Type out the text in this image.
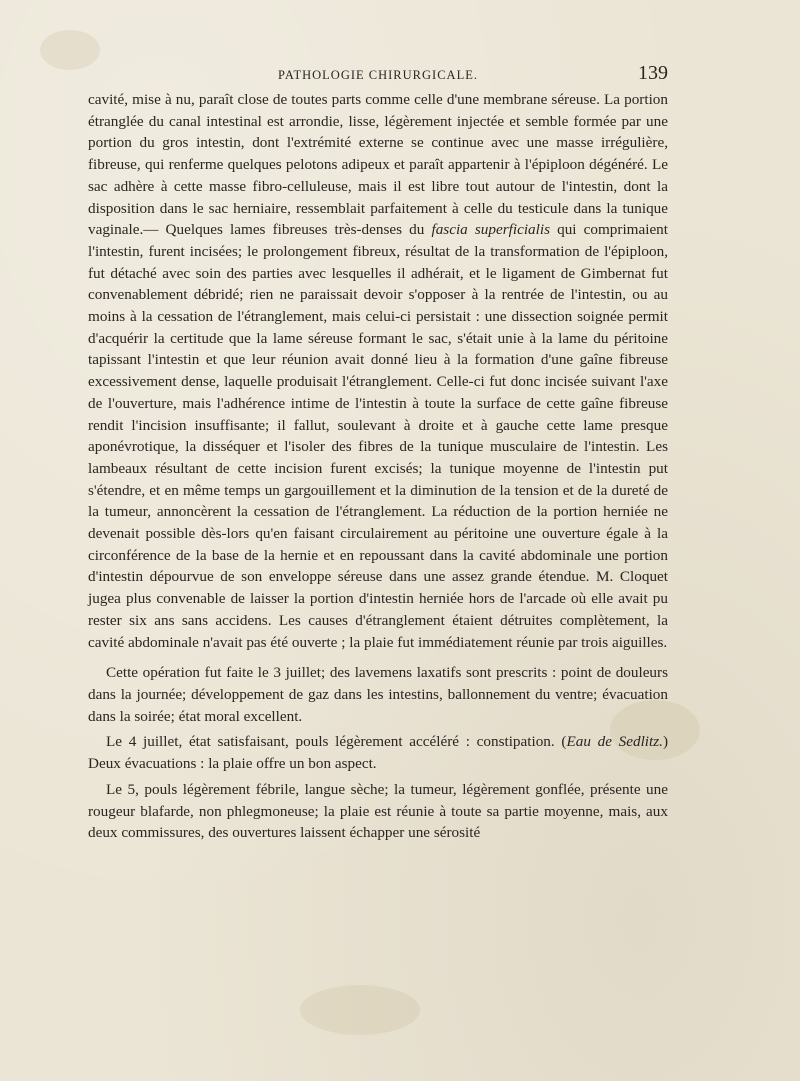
PATHOLOGIE CHIRURGICALE.	139

cavité, mise à nu, paraît close de toutes parts comme celle d'une membrane séreuse. La portion étranglée du canal intestinal est arrondie, lisse, légèrement injectée et semble formée par une portion du gros intestin, dont l'extrémité externe se continue avec une masse irrégulière, fibreuse, qui renferme quelques pelotons adipeux et paraît appartenir à l'épiploon dégénéré. Le sac adhère à cette masse fibro-celluleuse, mais il est libre tout autour de l'intestin, dont la disposition dans le sac herniaire, ressemblait parfaitement à celle du testicule dans la tunique vaginale.— Quelques lames fibreuses très-denses du fascia superficialis qui comprimaient l'intestin, furent incisées; le prolongement fibreux, résultat de la transformation de l'épiploon, fut détaché avec soin des parties avec lesquelles il adhérait, et le ligament de Gimbernat fut convenablement débridé; rien ne paraissait devoir s'opposer à la rentrée de l'intestin, ou au moins à la cessation de l'étranglement, mais celui-ci persistait : une dissection soignée permit d'acquérir la certitude que la lame séreuse formant le sac, s'était unie à la lame du péritoine tapissant l'intestin et que leur réunion avait donné lieu à la formation d'une gaîne fibreuse excessivement dense, laquelle produisait l'étranglement. Celle-ci fut donc incisée suivant l'axe de l'ouverture, mais l'adhérence intime de l'intestin à toute la surface de cette gaîne fibreuse rendit l'incision insuffisante; il fallut, soulevant à droite et à gauche cette lame presque aponévrotique, la disséquer et l'isoler des fibres de la tunique musculaire de l'intestin. Les lambeaux résultant de cette incision furent excisés; la tunique moyenne de l'intestin put s'étendre, et en même temps un gargouillement et la diminution de la tension et de la dureté de la tumeur, annoncèrent la cessation de l'étranglement. La réduction de la portion herniée ne devenait possible dès-lors qu'en faisant circulairement au péritoine une ouverture égale à la circonférence de la base de la hernie et en repoussant dans la cavité abdominale une portion d'intestin dépourvue de son enveloppe séreuse dans une assez grande étendue. M. Cloquet jugea plus convenable de laisser la portion d'intestin herniée hors de l'arcade où elle avait pu rester six ans sans accidens. Les causes d'étranglement étaient détruites complètement, la cavité abdominale n'avait pas été ouverte ; la plaie fut immédiatement réunie par trois aiguilles.

Cette opération fut faite le 3 juillet; des lavemens laxatifs sont prescrits : point de douleurs dans la journée; développement de gaz dans les intestins, ballonnement du ventre; évacuation dans la soirée; état moral excellent.

Le 4 juillet, état satisfaisant, pouls légèrement accéléré : constipation. (Eau de Sedlitz.) Deux évacuations : la plaie offre un bon aspect.

Le 5, pouls légèrement fébrile, langue sèche; la tumeur, légèrement gonflée, présente une rougeur blafarde, non phlegmoneuse; la plaie est réunie à toute sa partie moyenne, mais, aux deux commissures, des ouvertures laissent échapper une sérosité
